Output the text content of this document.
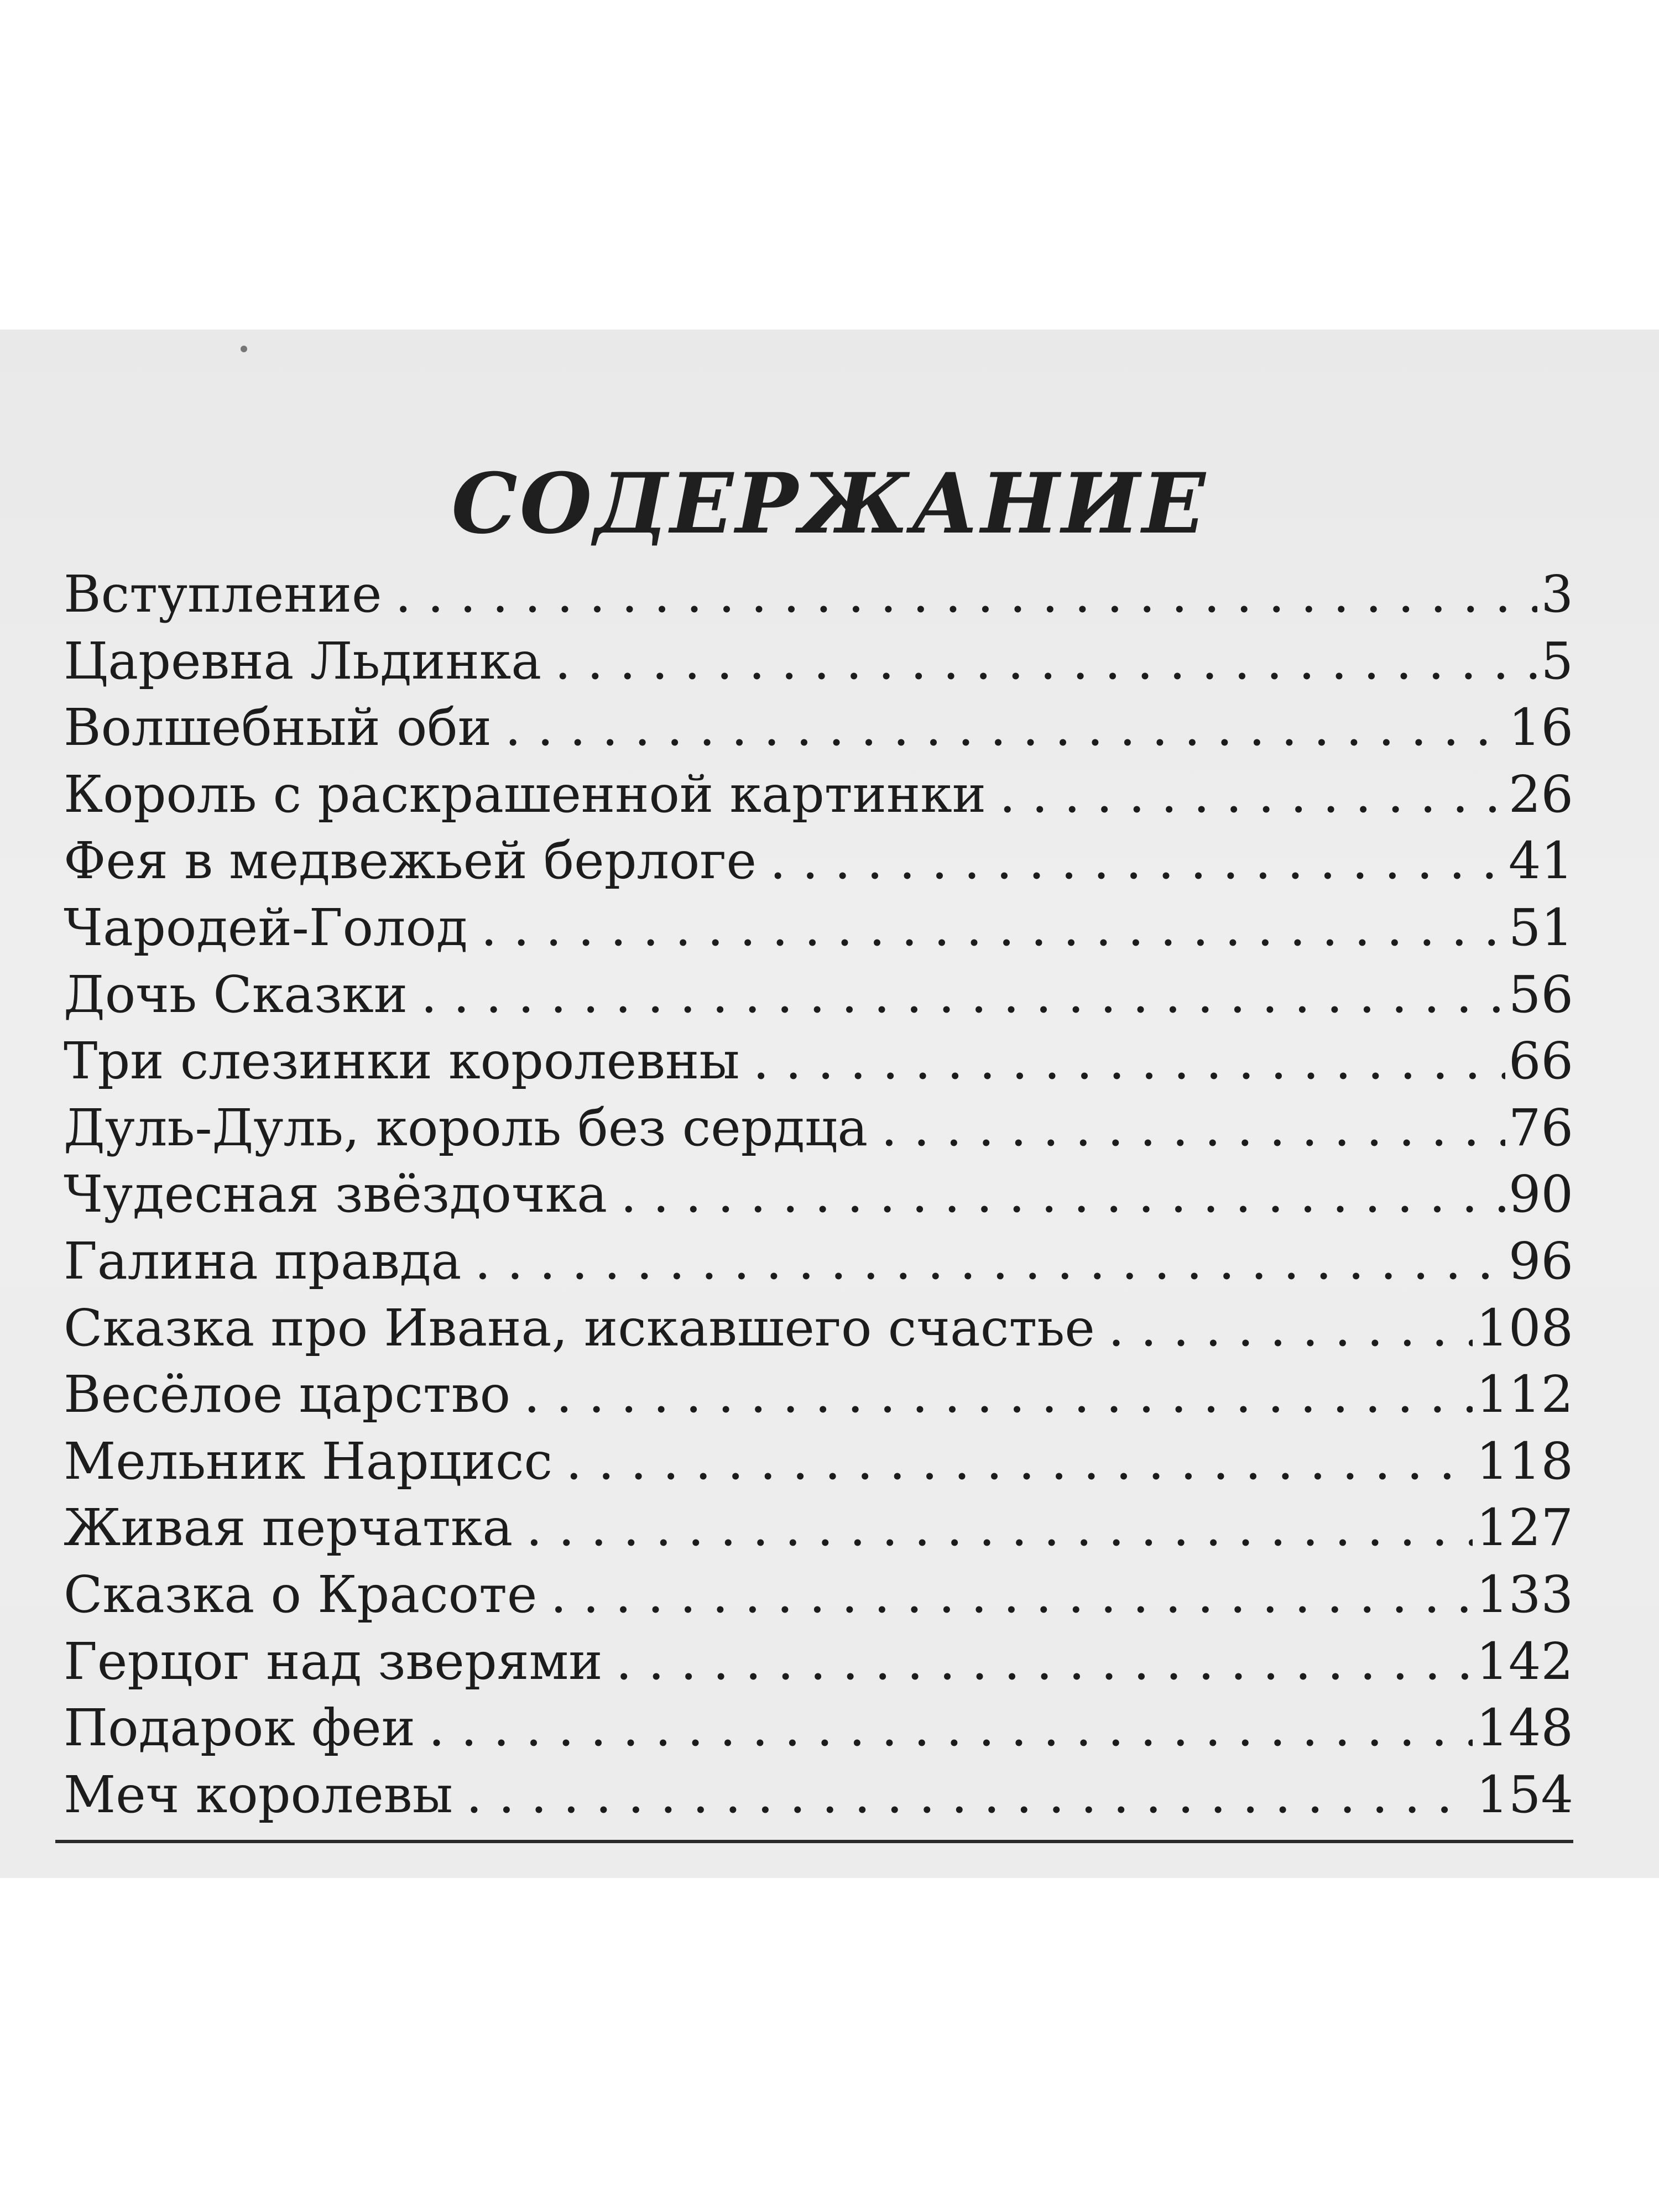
СОДЕРЖАНИЕ
Вступление . . .	3
Царевна Льдинка . . .	5
Волшебный оби . . .	16
Король с раскрашенной картинки . . .	26
Фея в медвежьей берлоге . . .	41
Чародей-Голод . . .	51
Дочь Сказки . . .	56
Три слезинки королевны . . .	66
Дуль-Дуль, король без сердца . . .	76
Чудесная звёздочка . . .	90
Галина правда . . .	96
Сказка про Ивана, искавшего счастье . . .	108
Весёлое царство . . .	112
Мельник Нарцисс . . .	118
Живая перчатка . . .	127
Сказка о Красоте . . .	133
Герцог над зверями . . .	142
Подарок феи . . .	148
Меч королевы . . .	154
